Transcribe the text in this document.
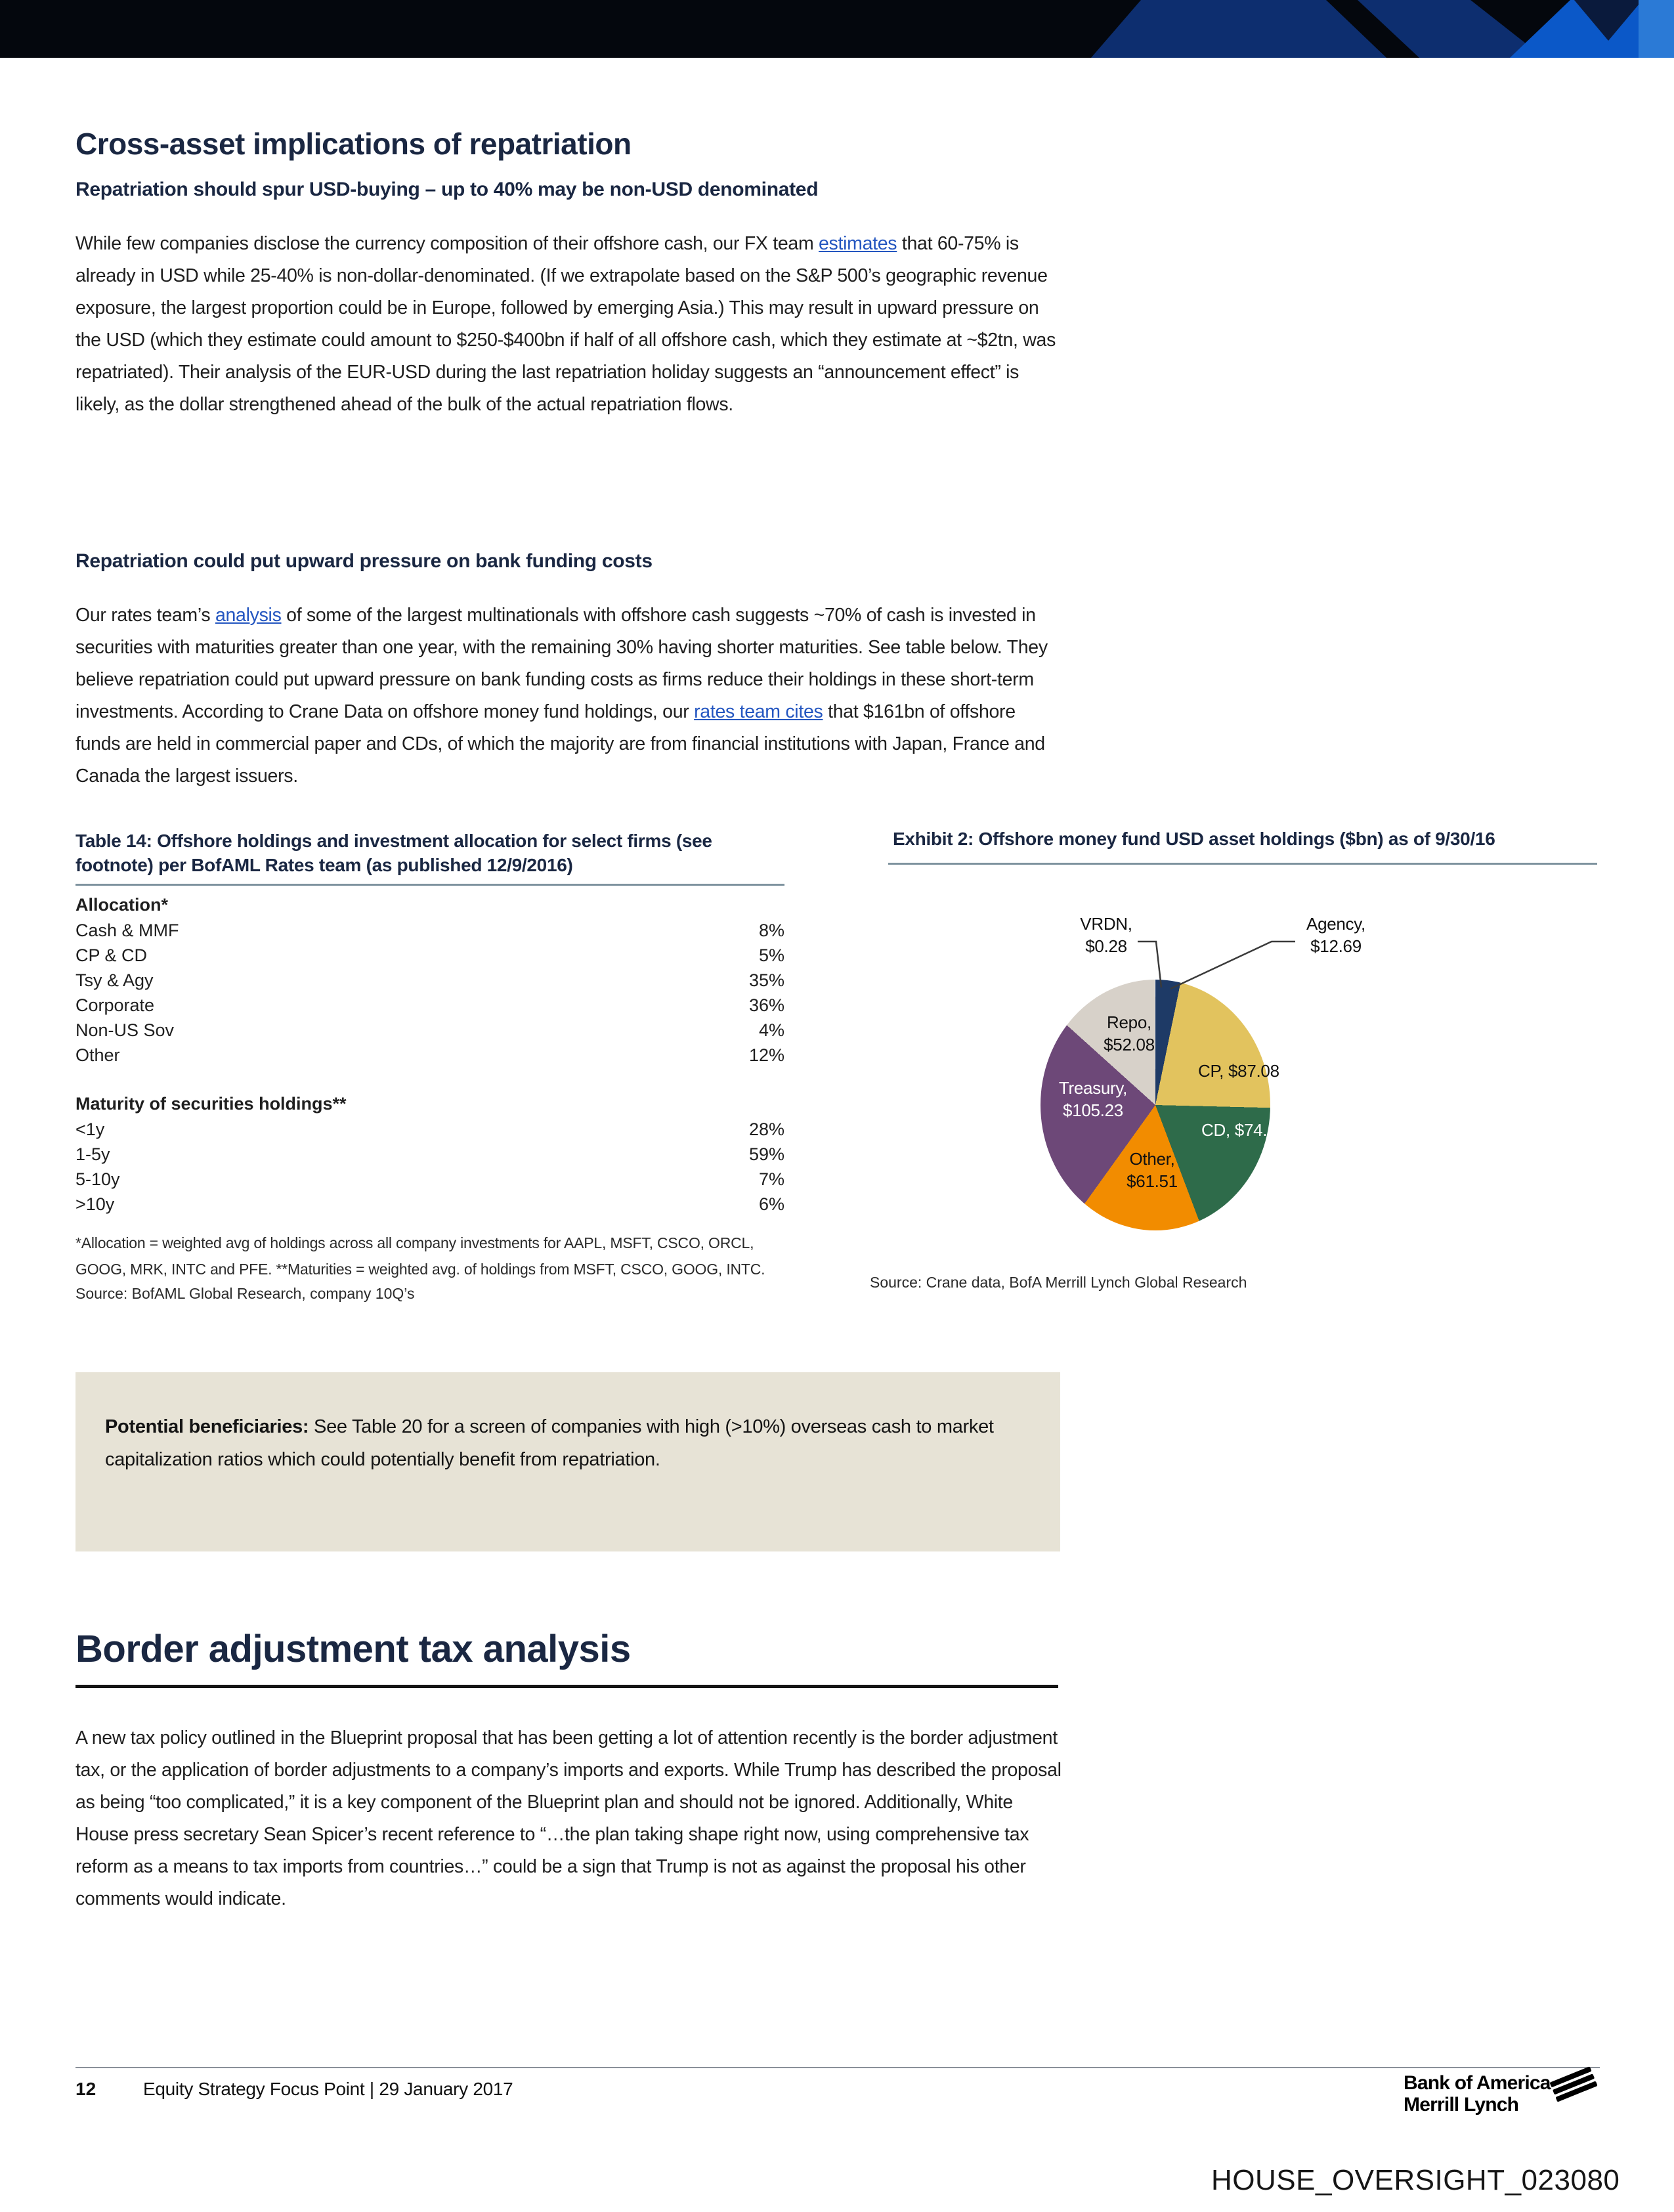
Cross-asset implications of repatriation
Repatriation should spur USD-buying – up to 40% may be non-USD denominated

While few companies disclose the currency composition of their offshore cash, our FX team estimates that 60-75% is already in USD while 25-40% is non-dollar-denominated. (If we extrapolate based on the S&P 500’s geographic revenue exposure, the largest proportion could be in Europe, followed by emerging Asia.) This may result in upward pressure on the USD (which they estimate could amount to $250-$400bn if half of all offshore cash, which they estimate at ~$2tn, was repatriated). Their analysis of the EUR-USD during the last repatriation holiday suggests an “announcement effect” is likely, as the dollar strengthened ahead of the bulk of the actual repatriation flows.

Repatriation could put upward pressure on bank funding costs

Our rates team’s analysis of some of the largest multinationals with offshore cash suggests ~70% of cash is invested in securities with maturities greater than one year, with the remaining 30% having shorter maturities. See table below. They believe repatriation could put upward pressure on bank funding costs as firms reduce their holdings in these short-term investments. According to Crane Data on offshore money fund holdings, our rates team cites that $161bn of offshore funds are held in commercial paper and CDs, of which the majority are from financial institutions with Japan, France and Canada the largest issuers.

Table 14: Offshore holdings and investment allocation for select firms (see footnote) per BofAML Rates team (as published 12/9/2016)
Allocation*
Cash & MMF	8%
CP & CD	5%
Tsy & Agy	35%
Corporate	36%
Non-US Sov	4%
Other	12%
Maturity of securities holdings**
<1y	28%
1-5y	59%
5-10y	7%
>10y	6%
*Allocation = weighted avg of holdings across all company investments for AAPL, MSFT, CSCO, ORCL, GOOG, MRK, INTC and PFE. **Maturities = weighted avg. of holdings from MSFT, CSCO, GOOG, INTC.
Source: BofAML Global Research, company 10Q’s
Exhibit 2: Offshore money fund USD asset holdings ($bn) as of 9/30/16
VRDN,
$0.28
Agency,
$12.69
Repo,
$52.08
CP, $87.08
CD, $74.17
Other,
$61.51
Treasury,
$105.23
Source: Crane data, BofA Merrill Lynch Global Research

Potential beneficiaries: See Table 20 for a screen of companies with high (>10%) overseas cash to market capitalization ratios which could potentially benefit from repatriation.

Border adjustment tax analysis

A new tax policy outlined in the Blueprint proposal that has been getting a lot of attention recently is the border adjustment tax, or the application of border adjustments to a company’s imports and exports. While Trump has described the proposal as being “too complicated,” it is a key component of the Blueprint plan and should not be ignored. Additionally, White House press secretary Sean Spicer’s recent reference to “…the plan taking shape right now, using comprehensive tax reform as a means to tax imports from countries…” could be a sign that Trump is not as against the proposal his other comments would indicate.

12	Equity Strategy Focus Point | 29 January 2017	Bank of America
Merrill Lynch
HOUSE_OVERSIGHT_023080
